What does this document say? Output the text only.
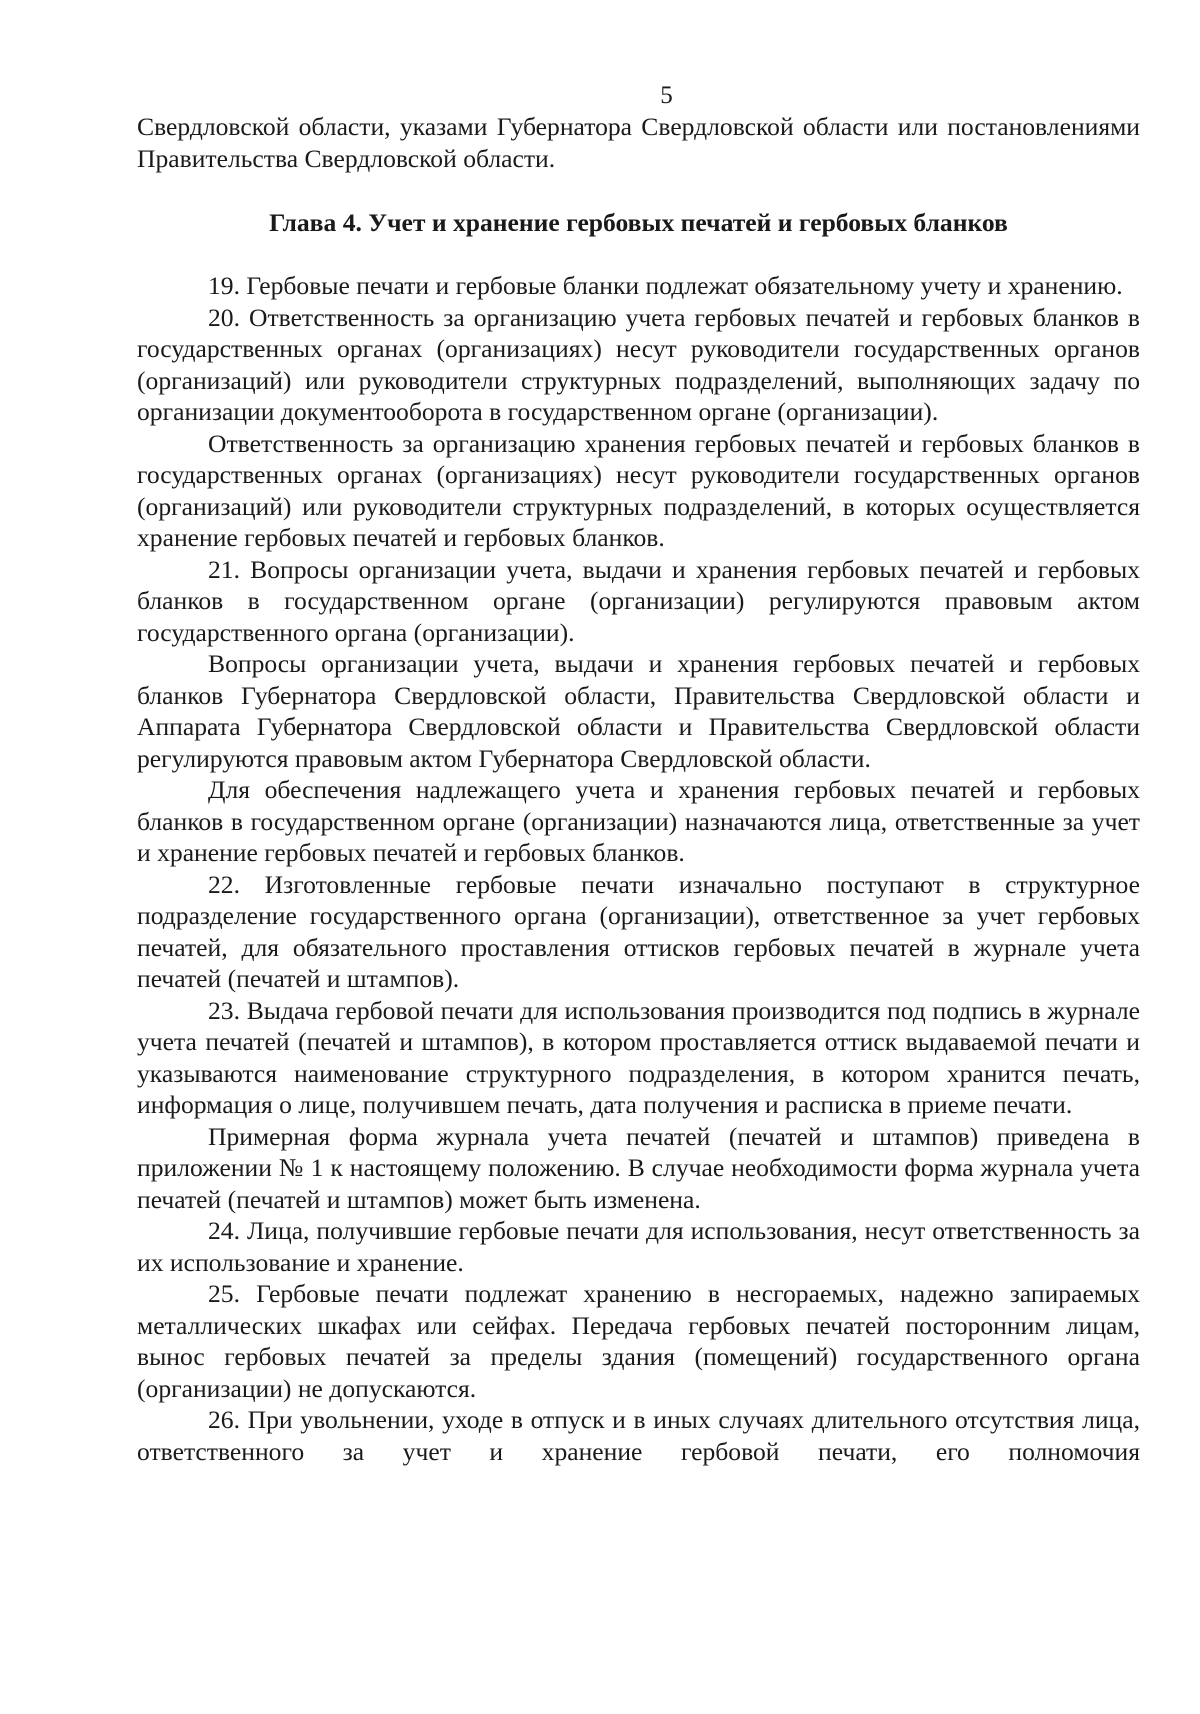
5

Свердловской области, указами Губернатора Свердловской области или постановлениями Правительства Свердловской области.

Глава 4. Учет и хранение гербовых печатей и гербовых бланков

19. Гербовые печати и гербовые бланки подлежат обязательному учету и хранению.

20. Ответственность за организацию учета гербовых печатей и гербовых бланков в государственных органах (организациях) несут руководители государственных органов (организаций) или руководители структурных подразделений, выполняющих задачу по организации документооборота в государственном органе (организации).

Ответственность за организацию хранения гербовых печатей и гербовых бланков в государственных органах (организациях) несут руководители государственных органов (организаций) или руководители структурных подразделений, в которых осуществляется хранение гербовых печатей и гербовых бланков.

21. Вопросы организации учета, выдачи и хранения гербовых печатей и гербовых бланков в государственном органе (организации) регулируются правовым актом государственного органа (организации).

Вопросы организации учета, выдачи и хранения гербовых печатей и гербовых бланков Губернатора Свердловской области, Правительства Свердловской области и Аппарата Губернатора Свердловской области и Правительства Свердловской области регулируются правовым актом Губернатора Свердловской области.

Для обеспечения надлежащего учета и хранения гербовых печатей и гербовых бланков в государственном органе (организации) назначаются лица, ответственные за учет и хранение гербовых печатей и гербовых бланков.

22. Изготовленные гербовые печати изначально поступают в структурное подразделение государственного органа (организации), ответственное за учет гербовых печатей, для обязательного проставления оттисков гербовых печатей в журнале учета печатей (печатей и штампов).

23. Выдача гербовой печати для использования производится под подпись в журнале учета печатей (печатей и штампов), в котором проставляется оттиск выдаваемой печати и указываются наименование структурного подразделения, в котором хранится печать, информация о лице, получившем печать, дата получения и расписка в приеме печати.

Примерная форма журнала учета печатей (печатей и штампов) приведена в приложении № 1 к настоящему положению. В случае необходимости форма журнала учета печатей (печатей и штампов) может быть изменена.

24. Лица, получившие гербовые печати для использования, несут ответственность за их использование и хранение.

25. Гербовые печати подлежат хранению в несгораемых, надежно запираемых металлических шкафах или сейфах. Передача гербовых печатей посторонним лицам, вынос гербовых печатей за пределы здания (помещений) государственного органа (организации) не допускаются.

26. При увольнении, уходе в отпуск и в иных случаях длительного отсутствия лица, ответственного за учет и хранение гербовой печати, его полномочия
